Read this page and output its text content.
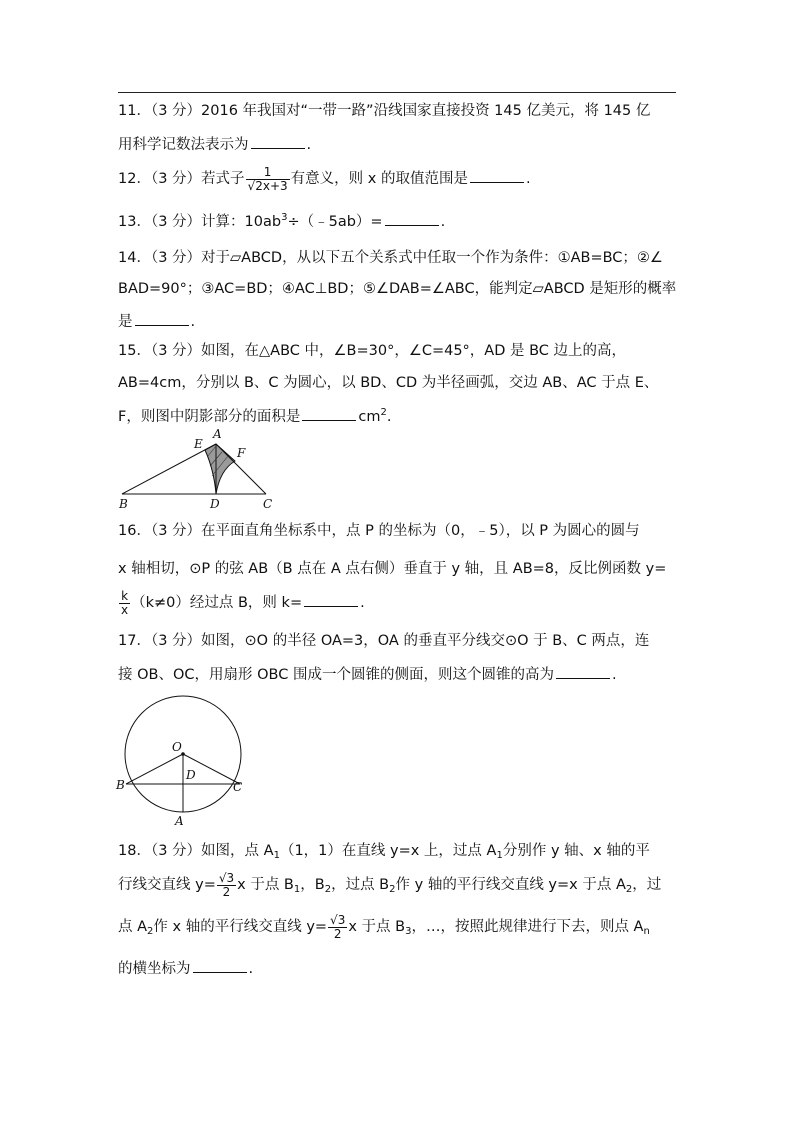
11．（3 分）2016 年我国对“一带一路”沿线国家直接投资 145 亿美元，将 145 亿
用科学记数法表示为	.
12．（3 分）若式子 $\frac{1}{√2x+3}$ 有意义，则 x 的取值范围是	.
13．（3 分）计算：$10ab^3\div(﹣5ab)=$	.
14．（3 分）对于▱ABCD，从以下五个关系式中任取一个作为条件：①AB=BC；②∠
BAD=90°；③AC=BD；④AC⊥BD；⑤∠DAB=∠ABC，能判定▱ABCD 是矩形的概率
是	.
15．（3 分）如图，在△ABC 中，∠B=30°，∠C=45°，AD 是 BC 边上的高，
AB=4cm，分别以 B、C 为圆心，以 BD、CD 为半径画弧，交边 AB、AC 于点 E、
F，则图中阴影部分的面积是	$cm^2$.
A
E
F
B	D	C
16．（3 分）在平面直角坐标系中，点 P 的坐标为（0，﹣5），以 P 为圆心的圆与
x 轴相切，⊙P 的弦 AB（B 点在 A 点右侧）垂直于 y 轴，且 AB=8，反比例函数 y=
$\frac{k}{x} (k\ne 0)$经过点 B，则 k=	.
17．（3 分）如图，⊙O 的半径 OA=3，OA 的垂直平分线交⊙O 于 B、C 两点，连
接 OB、OC，用扇形 OBC 围成一个圆锥的侧面，则这个圆锥的高为	.
O
D
B	C
A
18．（3 分）如图，点 $A_1(1$，1）在直线 y=x 上，过点 $A_1$分别作 y 轴、x 轴的平
行线交直线 $y= \frac{√3}{2}$ x 于点 $B_1$，$B_2$，过点 $B_2$作 y 轴的平行线交直线 y=x 于点 $A_2$，过
点 $A_2$作 x 轴的平行线交直线 $y= \frac{√3}{2}$ x 于点 $B_3$，…，按照此规律进行下去，则点 $A_n$
的横坐标为	.
